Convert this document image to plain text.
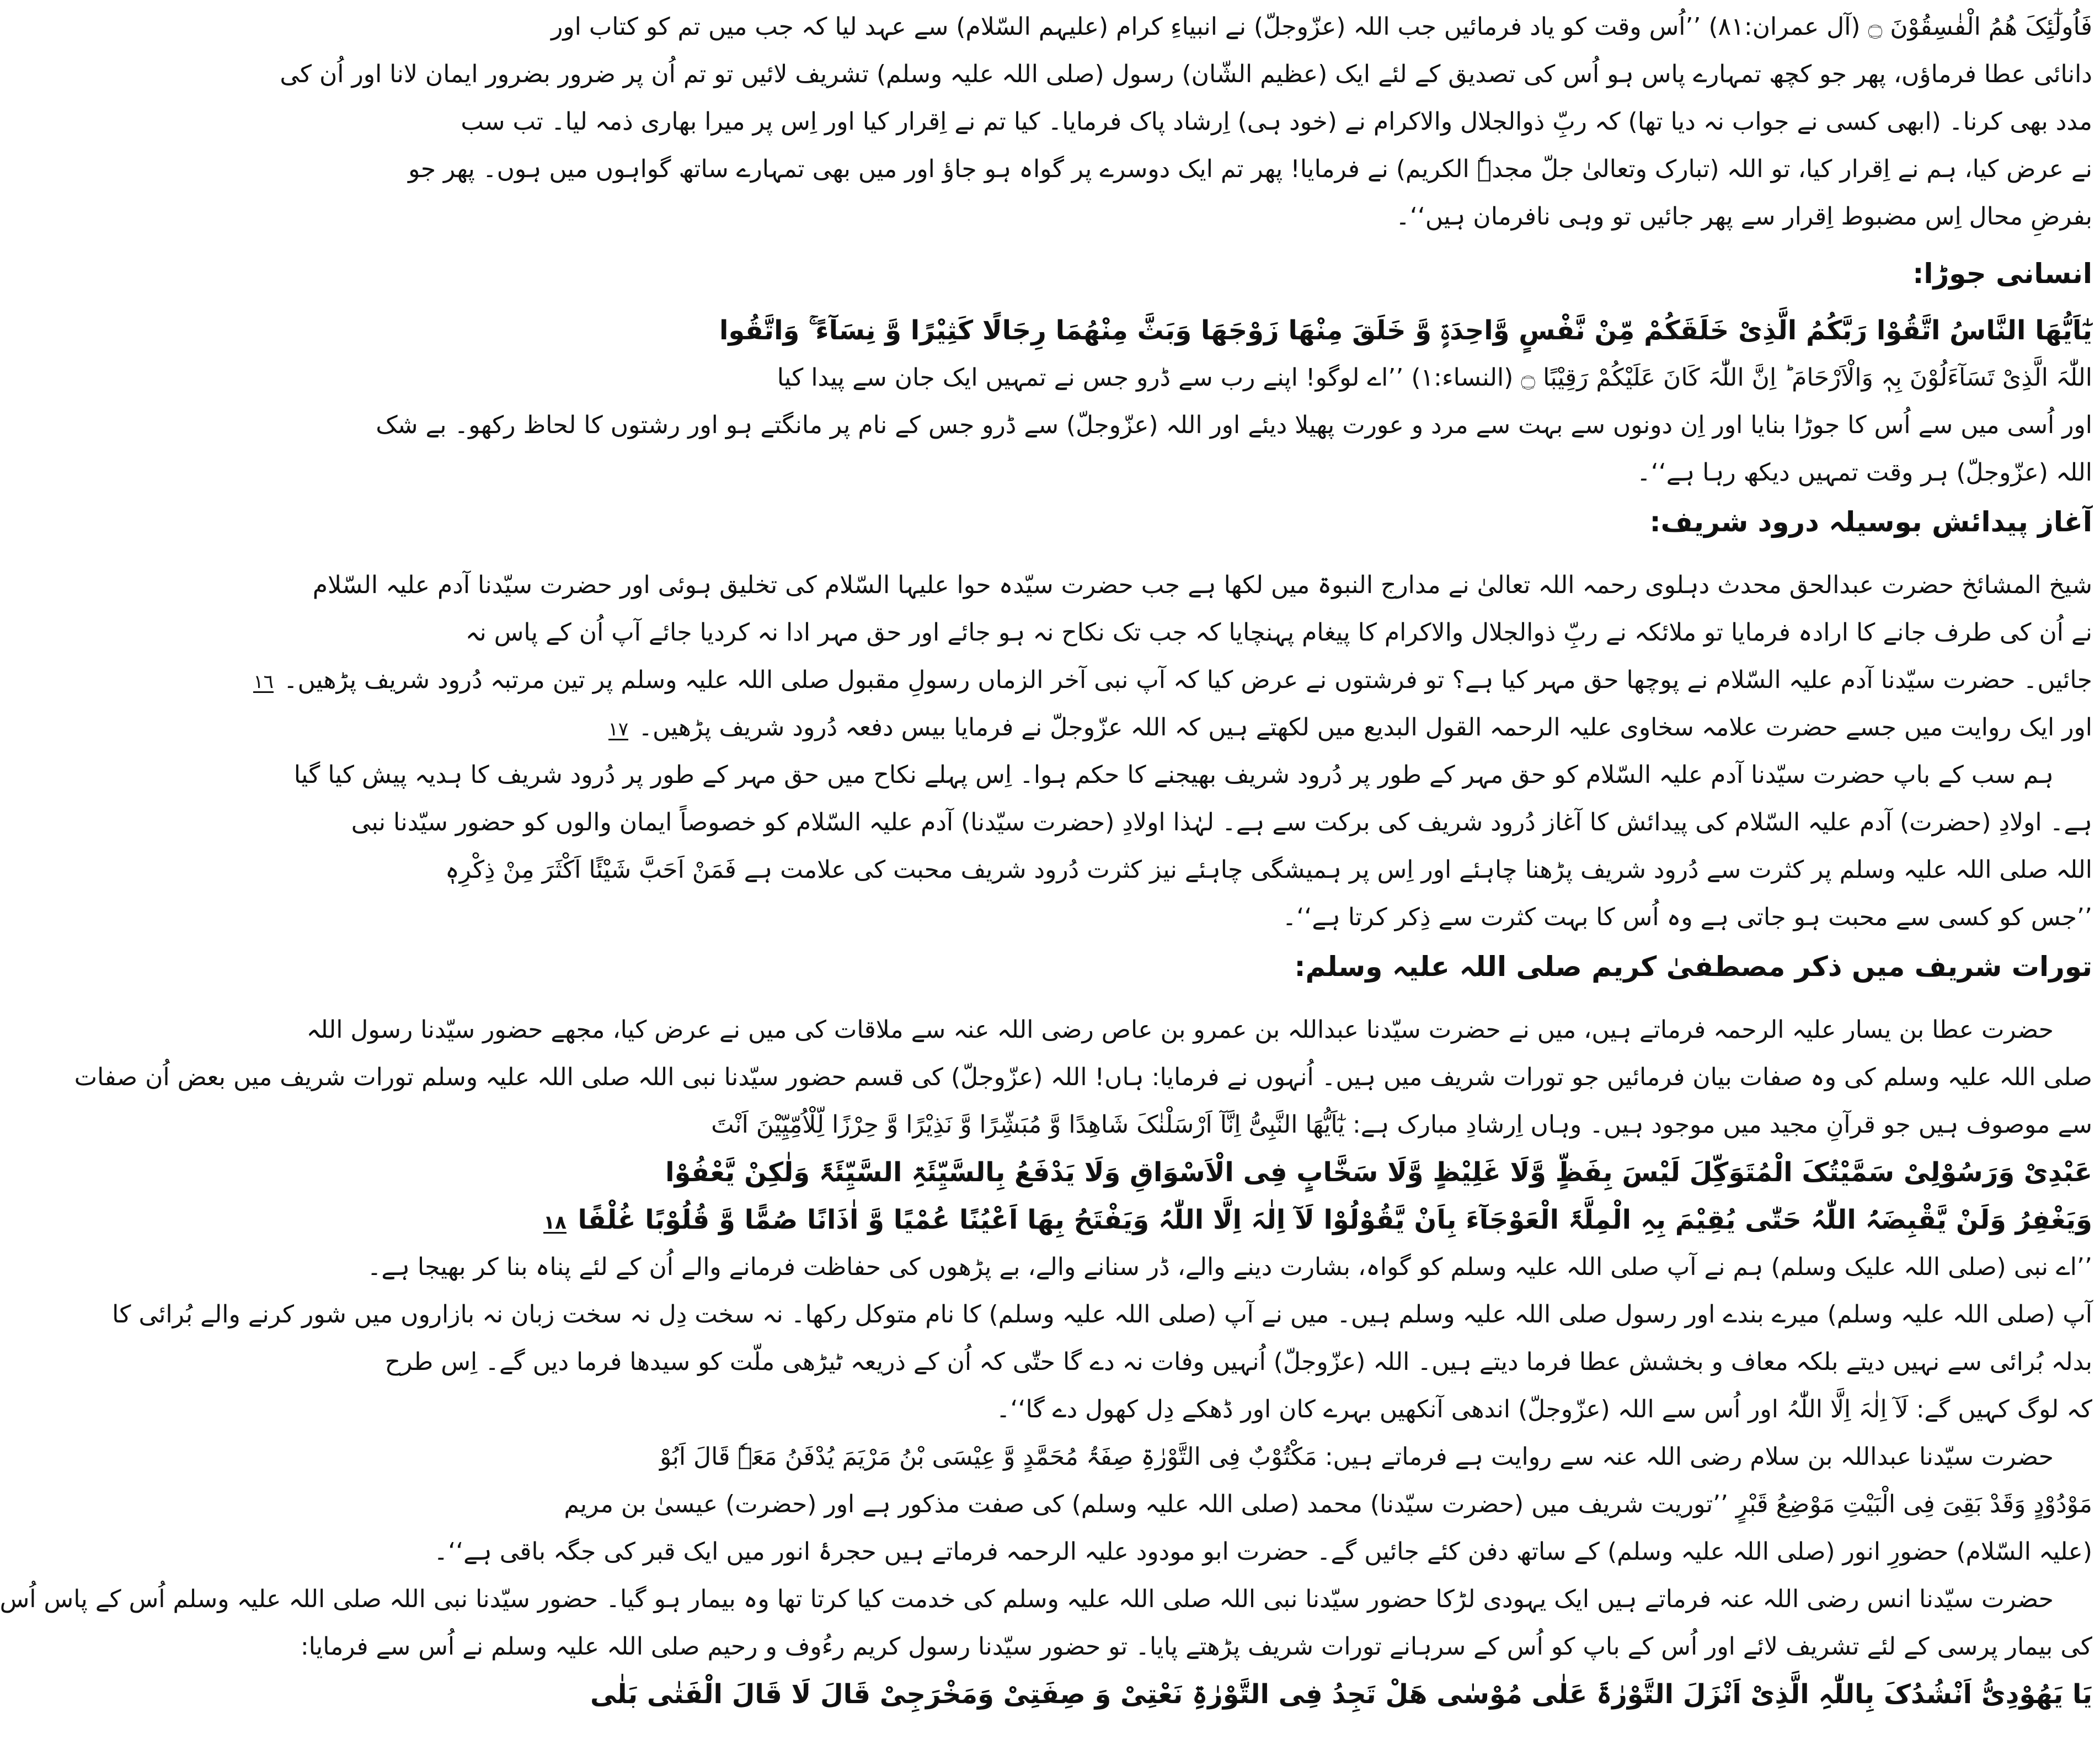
فَاُولٰٓئِکَ ھُمُ الْفٰسِقُوْنَ ۝ (آل عمران:۸۱) ’’اُس وقت کو یاد فرمائیں جب اللہ (عزّوجلّ) نے انبیاءِ کرام (علیہم السّلام) سے عہد لیا کہ جب میں تم کو کتاب اور
دانائی عطا فرماؤں، پھر جو کچھ تمہارے پاس ہو اُس کی تصدیق کے لئے ایک (عظیم الشّان) رسول (صلی اللہ علیہ وسلم) تشریف لائیں تو تم اُن پر ضرور بضرور ایمان لانا اور اُن کی
مدد بھی کرنا۔ (ابھی کسی نے جواب نہ دیا تھا) کہ ربِّ ذوالجلال والاکرام نے (خود ہی) اِرشاد پاک فرمایا۔ کیا تم نے اِقرار کیا اور اِس پر میرا بھاری ذمہ لیا۔ تب سب
نے عرض کیا، ہم نے اِقرار کیا، تو اللہ (تبارک وتعالیٰ جلّ مجدہٗ الکریم) نے فرمایا! پھر تم ایک دوسرے پر گواہ ہو جاؤ اور میں بھی تمہارے ساتھ گواہوں میں ہوں۔ پھر جو
بفرضِ محال اِس مضبوط اِقرار سے پھر جائیں تو وہی نافرمان ہیں‘‘۔
انسانی جوڑا:
یٰٓاَیُّھَا النَّاسُ اتَّقُوْا رَبَّکُمُ الَّذِیْ خَلَقَکُمْ مِّنْ نَّفْسٍ وَّاحِدَۃٍ وَّ خَلَقَ مِنْھَا زَوْجَھَا وَبَثَّ مِنْھُمَا رِجَالًا کَثِیْرًا وَّ نِسَآءً ۚ وَاتَّقُوا
اللّٰہَ الَّذِیْ تَسَآءَلُوْنَ بِہٖ وَالْاَرْحَامَ ؕ اِنَّ اللّٰہَ کَانَ عَلَیْکُمْ رَقِیْبًا ۝ (النساء:۱) ’’اے لوگو! اپنے رب سے ڈرو جس نے تمہیں ایک جان سے پیدا کیا
اور اُسی میں سے اُس کا جوڑا بنایا اور اِن دونوں سے بہت سے مرد و عورت پھیلا دیئے اور اللہ (عزّوجلّ) سے ڈرو جس کے نام پر مانگتے ہو اور رشتوں کا لحاظ رکھو۔ بے شک
اللہ (عزّوجلّ) ہر وقت تمہیں دیکھ رہا ہے‘‘۔
آغاز پیدائش بوسیلہ درود شریف:
شیخ المشائخ حضرت عبدالحق محدث دہلوی رحمہ اللہ تعالیٰ نے مدارج النبوۃ میں لکھا ہے جب حضرت سیّدہ حوا علیہا السّلام کی تخلیق ہوئی اور حضرت سیّدنا آدم علیہ السّلام
نے اُن کی طرف جانے کا ارادہ فرمایا تو ملائکہ نے ربِّ ذوالجلال والاکرام کا پیغام پہنچایا کہ جب تک نکاح نہ ہو جائے اور حق مہر ادا نہ کردیا جائے آپ اُن کے پاس نہ
جائیں۔ حضرت سیّدنا آدم علیہ السّلام نے پوچھا حق مہر کیا ہے؟ تو فرشتوں نے عرض کیا کہ آپ نبی آخر الزماں رسولِ مقبول صلی اللہ علیہ وسلم پر تین مرتبہ دُرود شریف پڑھیں۔ ١٦
اور ایک روایت میں جسے حضرت علامہ سخاوی علیہ الرحمہ القول البدیع میں لکھتے ہیں کہ اللہ عزّوجلّ نے فرمایا بیس دفعہ دُرود شریف پڑھیں۔ ١٧
ہم سب کے باپ حضرت سیّدنا آدم علیہ السّلام کو حق مہر کے طور پر دُرود شریف بھیجنے کا حکم ہوا۔ اِس پہلے نکاح میں حق مہر کے طور پر دُرود شریف کا ہدیہ پیش کیا گیا
ہے۔ اولادِ (حضرت) آدم علیہ السّلام کی پیدائش کا آغاز دُرود شریف کی برکت سے ہے۔ لہٰذا اولادِ (حضرت سیّدنا) آدم علیہ السّلام کو خصوصاً ایمان والوں کو حضور سیّدنا نبی
اللہ صلی اللہ علیہ وسلم پر کثرت سے دُرود شریف پڑھنا چاہئے اور اِس پر ہمیشگی چاہئے نیز کثرت دُرود شریف محبت کی علامت ہے فَمَنْ اَحَبَّ شَیْئًا اَکْثَرَ مِنْ ذِکْرِہٖ
’’جس کو کسی سے محبت ہو جاتی ہے وہ اُس کا بہت کثرت سے ذِکر کرتا ہے‘‘۔
تورات شریف میں ذکر مصطفیٰ کریم صلی اللہ علیہ وسلم:
حضرت عطا بن یسار علیہ الرحمہ فرماتے ہیں، میں نے حضرت سیّدنا عبداللہ بن عمرو بن عاص رضی اللہ عنہ سے ملاقات کی میں نے عرض کیا، مجھے حضور سیّدنا رسول اللہ
صلی اللہ علیہ وسلم کی وہ صفات بیان فرمائیں جو تورات شریف میں ہیں۔ اُنہوں نے فرمایا: ہاں! اللہ (عزّوجلّ) کی قسم حضور سیّدنا نبی اللہ صلی اللہ علیہ وسلم تورات شریف میں بعض اُن صفات
سے موصوف ہیں جو قرآنِ مجید میں موجود ہیں۔ وہاں اِرشادِ مبارک ہے: یٰٓاَیُّھَا النَّبِیُّ اِنَّآ اَرْسَلْنٰکَ شَاھِدًا وَّ مُبَشِّرًا وَّ نَذِیْرًا وَّ حِرْزًا لِّلْاُمِّیِّیْنَ اَنْتَ
عَبْدِیْ وَرَسُوْلِیْ سَمَّیْتُکَ الْمُتَوَکِّلَ لَیْسَ بِفَظٍّ وَّلَا غَلِیْظٍ وَّلَا سَخَّابٍ فِی الْاَسْوَاقِ وَلَا یَدْفَعُ بِالسَّیِّئَۃِ السَّیِّئَۃَ وَلٰکِنْ یَّعْفُوْا
وَیَغْفِرُ وَلَنْ یَّقْبِضَہُ اللّٰہُ حَتّٰی یُقِیْمَ بِہِ الْمِلَّۃَ الْعَوْجَآءَ بِاَنْ یَّقُوْلُوْا لَآ اِلٰہَ اِلَّا اللّٰہُ وَیَفْتَحُ بِھَا اَعْیُنًا عُمْیًا وَّ اٰذَانًا صُمًّا وَّ قُلُوْبًا غُلْفًا ١٨
’’اے نبی (صلی اللہ علیک وسلم) ہم نے آپ صلی اللہ علیہ وسلم کو گواہ، بشارت دینے والے، ڈر سنانے والے، بے پڑھوں کی حفاظت فرمانے والے اُن کے لئے پناہ بنا کر بھیجا ہے۔
آپ (صلی اللہ علیہ وسلم) میرے بندے اور رسول صلی اللہ علیہ وسلم ہیں۔ میں نے آپ (صلی اللہ علیہ وسلم) کا نام متوکل رکھا۔ نہ سخت دِل نہ سخت زبان نہ بازاروں میں شور کرنے والے بُرائی کا
بدلہ بُرائی سے نہیں دیتے بلکہ معاف و بخشش عطا فرما دیتے ہیں۔ اللہ (عزّوجلّ) اُنہیں وفات نہ دے گا حتّٰی کہ اُن کے ذریعہ ٹیڑھی ملّت کو سیدھا فرما دیں گے۔ اِس طرح
کہ لوگ کہیں گے: لَآ اِلٰہَ اِلَّا اللّٰہُ اور اُس سے اللہ (عزّوجلّ) اندھی آنکھیں بہرے کان اور ڈھکے دِل کھول دے گا‘‘۔
حضرت سیّدنا عبداللہ بن سلام رضی اللہ عنہ سے روایت ہے فرماتے ہیں: مَکْتُوْبٌ فِی التَّوْرٰۃِ صِفَۃُ مُحَمَّدٍ وَّ عِیْسَی بْنُ مَرْیَمَ یُدْفَنُ مَعَہٗ قَالَ اَبُوْ
مَوْدُوْدٍ وَقَدْ بَقِیَ فِی الْبَیْتِ مَوْضِعُ قَبْرٍ ’’توریت شریف میں (حضرت سیّدنا) محمد (صلی اللہ علیہ وسلم) کی صفت مذکور ہے اور (حضرت) عیسیٰ بن مریم
(علیہ السّلام) حضورِ انور (صلی اللہ علیہ وسلم) کے ساتھ دفن کئے جائیں گے۔ حضرت ابو مودود علیہ الرحمہ فرماتے ہیں حجرۂ انور میں ایک قبر کی جگہ باقی ہے‘‘۔
حضرت سیّدنا انس رضی اللہ عنہ فرماتے ہیں ایک یہودی لڑکا حضور سیّدنا نبی اللہ صلی اللہ علیہ وسلم کی خدمت کیا کرتا تھا وہ بیمار ہو گیا۔ حضور سیّدنا نبی اللہ صلی اللہ علیہ وسلم اُس کے پاس اُس
کی بیمار پرسی کے لئے تشریف لائے اور اُس کے باپ کو اُس کے سرہانے تورات شریف پڑھتے پایا۔ تو حضور سیّدنا رسول کریم رءُوف و رحیم صلی اللہ علیہ وسلم نے اُس سے فرمایا:
یَا یَھُوْدِیُّ اَنْشُدُکَ بِاللّٰہِ الَّذِیْ اَنْزَلَ التَّوْرٰۃَ عَلٰی مُوْسٰی ھَلْ تَجِدُ فِی التَّوْرٰۃِ نَعْتِیْ وَ صِفَتِیْ وَمَخْرَجِیْ قَالَ لَا قَالَ الْفَتٰی بَلٰی
